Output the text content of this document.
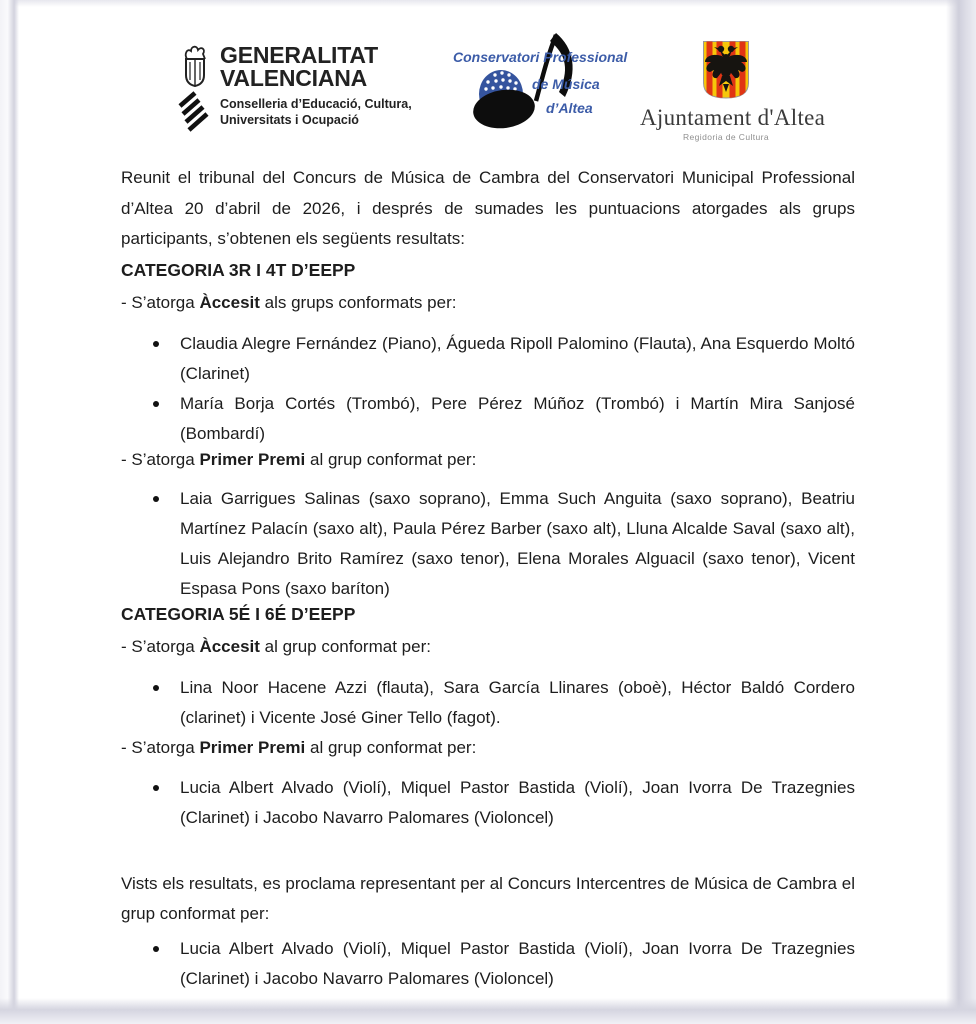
GENERALITAT
VALENCIANA
Conselleria d’Educació, Cultura,
Universitats i Ocupació
Conservatori Professional
de Música
d’Altea Ajuntament d'Altea
Regidoria de Cultura

Reunit el tribunal del Concurs de Música de Cambra del Conservatori Municipal Professional d’Altea 20 d’abril de 2026, i després de sumades les puntuacions atorgades als grups participants, s’obtenen els següents resultats:

CATEGORIA 3R I 4T D’EEPP

- S’atorga Àccesit als grups conformats per:

Claudia Alegre Fernández (Piano), Águeda Ripoll Palomino (Flauta), Ana Esquerdo Moltó (Clarinet)
María Borja Cortés (Trombó), Pere Pérez Múñoz (Trombó) i Martín Mira Sanjosé (Bombardí)

- S’atorga Primer Premi al grup conformat per:

Laia Garrigues Salinas (saxo soprano), Emma Such Anguita (saxo soprano), Beatriu Martínez Palacín (saxo alt), Paula Pérez Barber (saxo alt), Lluna Alcalde Saval (saxo alt), Luis Alejandro Brito Ramírez (saxo tenor), Elena Morales Alguacil (saxo tenor), Vicent Espasa Pons (saxo baríton)
CATEGORIA 5É I 6É D’EEPP

- S’atorga Àccesit al grup conformat per:

Lina Noor Hacene Azzi (flauta), Sara García Llinares (oboè), Héctor Baldó Cordero (clarinet) i Vicente José Giner Tello (fagot).

- S’atorga Primer Premi al grup conformat per:

Lucia Albert Alvado (Violí), Miquel Pastor Bastida (Violí), Joan Ivorra De Trazegnies (Clarinet) i Jacobo Navarro Palomares (Violoncel)

Vists els resultats, es proclama representant per al Concurs Intercentres de Música de Cambra el grup conformat per:

Lucia Albert Alvado (Violí), Miquel Pastor Bastida (Violí), Joan Ivorra De Trazegnies (Clarinet) i Jacobo Navarro Palomares (Violoncel)
